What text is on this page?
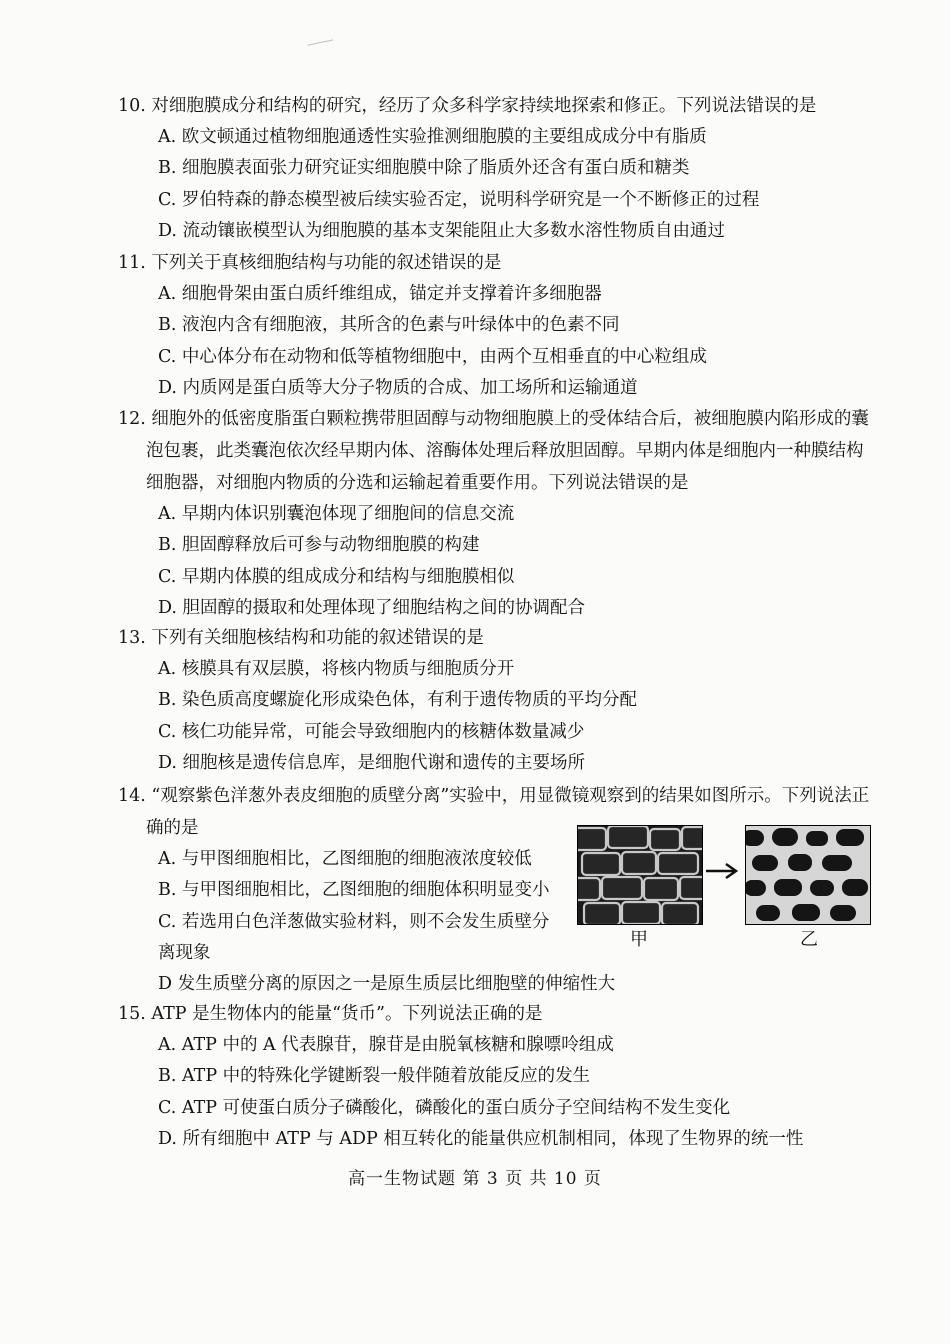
10. 对细胞膜成分和结构的研究，经历了众多科学家持续地探索和修正。下列说法错误的是
A. 欧文顿通过植物细胞通透性实验推测细胞膜的主要组成成分中有脂质
B. 细胞膜表面张力研究证实细胞膜中除了脂质外还含有蛋白质和糖类
C. 罗伯特森的静态模型被后续实验否定，说明科学研究是一个不断修正的过程
D. 流动镶嵌模型认为细胞膜的基本支架能阻止大多数水溶性物质自由通过
11. 下列关于真核细胞结构与功能的叙述错误的是
A. 细胞骨架由蛋白质纤维组成，锚定并支撑着许多细胞器
B. 液泡内含有细胞液，其所含的色素与叶绿体中的色素不同
C. 中心体分布在动物和低等植物细胞中，由两个互相垂直的中心粒组成
D. 内质网是蛋白质等大分子物质的合成、加工场所和运输通道
12. 细胞外的低密度脂蛋白颗粒携带胆固醇与动物细胞膜上的受体结合后，被细胞膜内陷形成的囊泡包裹，此类囊泡依次经早期内体、溶酶体处理后释放胆固醇。早期内体是细胞内一种膜结构细胞器，对细胞内物质的分选和运输起着重要作用。下列说法错误的是
A. 早期内体识别囊泡体现了细胞间的信息交流
B. 胆固醇释放后可参与动物细胞膜的构建
C. 早期内体膜的组成成分和结构与细胞膜相似
D. 胆固醇的摄取和处理体现了细胞结构之间的协调配合
13. 下列有关细胞核结构和功能的叙述错误的是
A. 核膜具有双层膜，将核内物质与细胞质分开
B. 染色质高度螺旋化形成染色体，有利于遗传物质的平均分配
C. 核仁功能异常，可能会导致细胞内的核糖体数量减少
D. 细胞核是遗传信息库，是细胞代谢和遗传的主要场所
14. “观察紫色洋葱外表皮细胞的质壁分离”实验中，用显微镜观察到的结果如图所示。下列说法正确的是
A. 与甲图细胞相比，乙图细胞的细胞液浓度较低
B. 与甲图细胞相比，乙图细胞的细胞体积明显变小
C. 若选用白色洋葱做实验材料，则不会发生质壁分离现象
D 发生质壁分离的原因之一是原生质层比细胞壁的伸缩性大
甲	乙
15. ATP 是生物体内的能量“货币”。下列说法正确的是
A. ATP 中的 A 代表腺苷，腺苷是由脱氧核糖和腺嘌呤组成
B. ATP 中的特殊化学键断裂一般伴随着放能反应的发生
C. ATP 可使蛋白质分子磷酸化，磷酸化的蛋白质分子空间结构不发生变化
D. 所有细胞中 ATP 与 ADP 相互转化的能量供应机制相同，体现了生物界的统一性
高一生物试题 第 3 页 共 10 页
